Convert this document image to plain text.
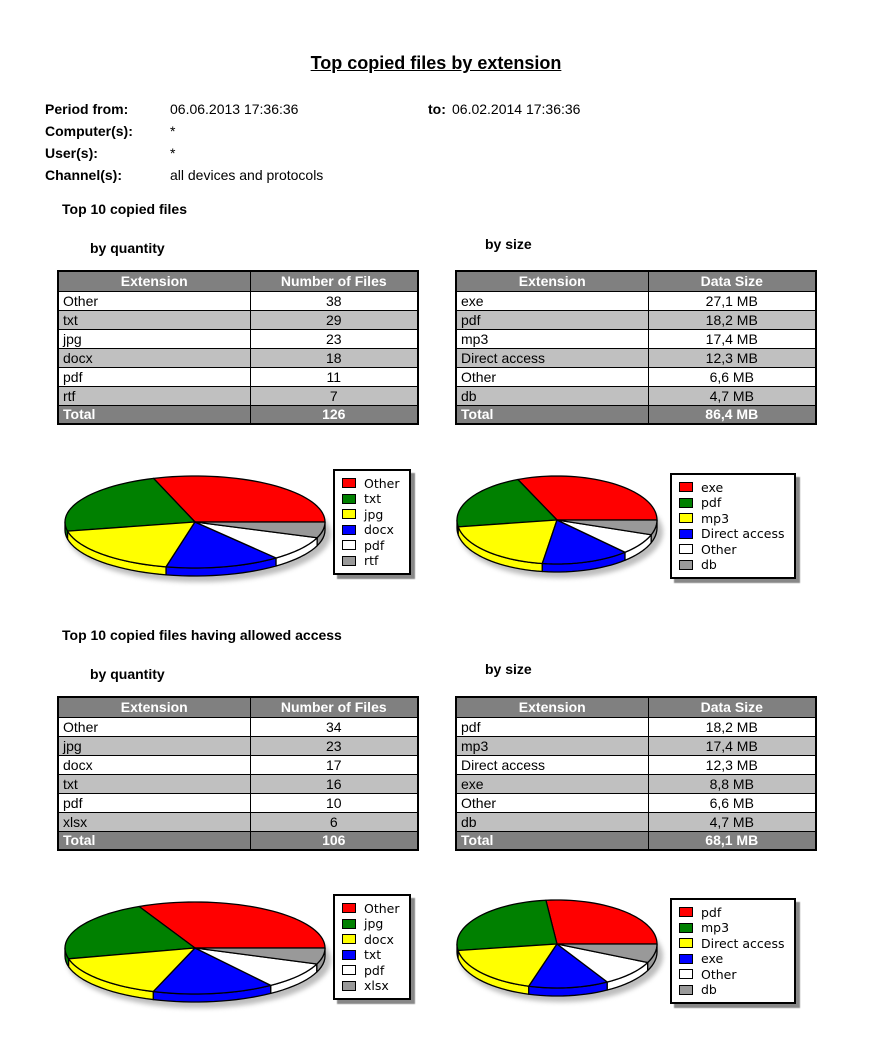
Top copied files by extension
Period from:	06.06.2013 17:36:36	to: 06.02.2014 17:36:36
Computer(s):	*
User(s):	*
Channel(s):	all devices and protocols
Top 10 copied files
by quantity	by size
Extension	Number of Files
Other	38
txt	29
jpg	23
docx	18
pdf	11
rtf	7
Total	126
Extension	Data Size
exe	27,1 MB
pdf	18,2 MB
mp3	17,4 MB
Direct access	12,3 MB
Other	6,6 MB
db	4,7 MB
Total	86,4 MB
Other
txt
jpg
docx
pdf
rtf
exe
pdf
mp3
Direct access
Other
db
Top 10 copied files having allowed access
by quantity	by size
Extension	Number of Files
Other	34
jpg	23
docx	17
txt	16
pdf	10
xlsx	6
Total	106
Extension	Data Size
pdf	18,2 MB
mp3	17,4 MB
Direct access	12,3 MB
exe	8,8 MB
Other	6,6 MB
db	4,7 MB
Total	68,1 MB
Other
jpg
docx
txt
pdf
xlsx
pdf
mp3
Direct access
exe
Other
db
